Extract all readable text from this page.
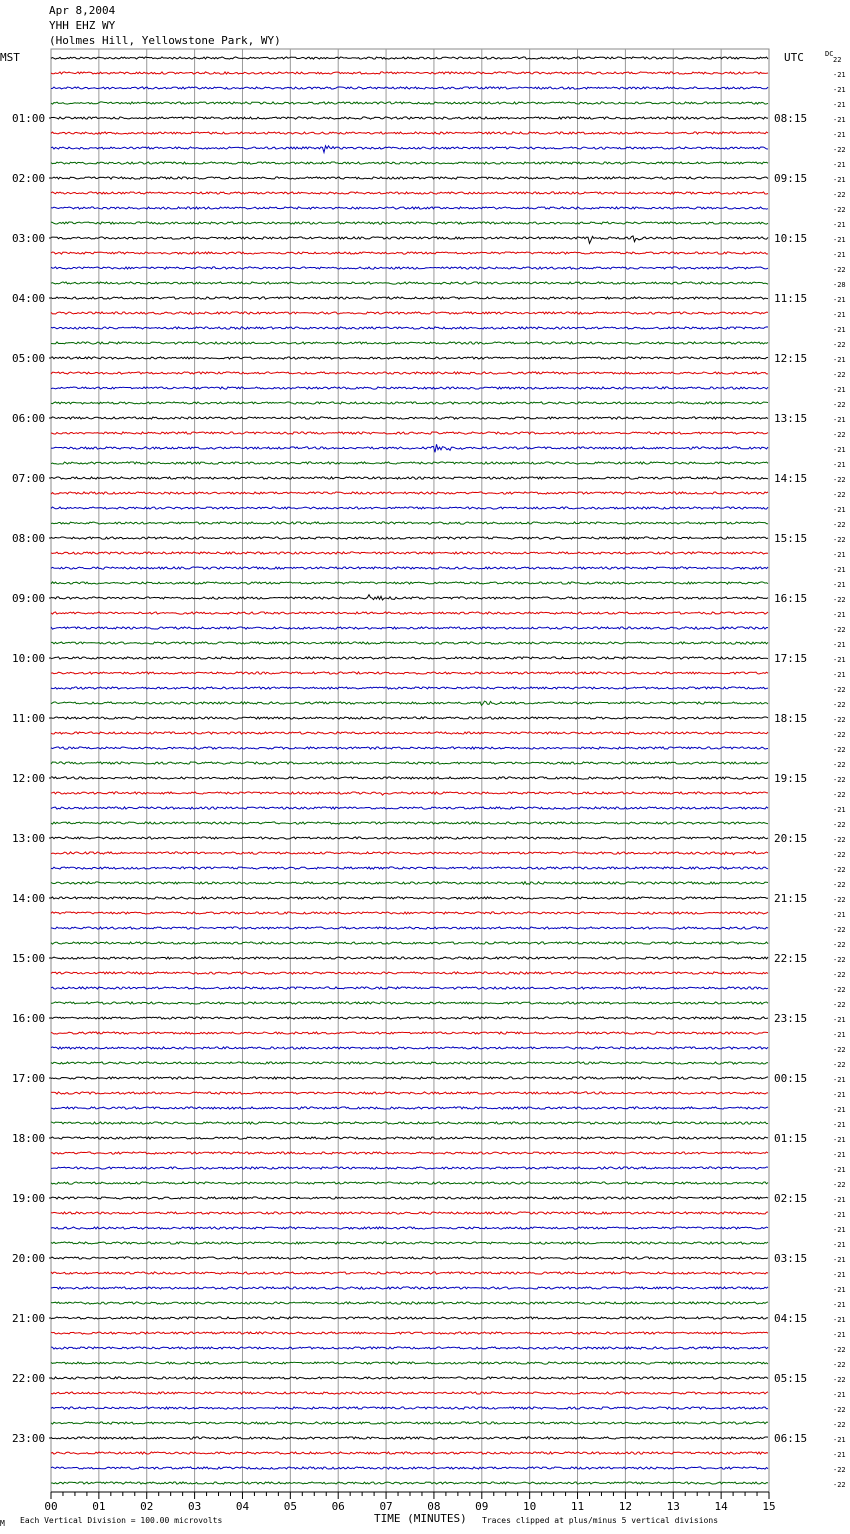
Apr 8,2004
YHH EHZ WY
(Holmes Hill, Yellowstone Park, WY)
22
-21
-21
-21
-21
-21
-22
-21
-21
-22
-22
-21
-21
-21
-22
-28
-21
-21
-21
-22
-21
-22
-21
-22
-21
-22
-21
-21
-22
-22
-21
-22
-22
-21
-21
-21
-22
-21
-22
-21
-21
-21
-22
-22
-22
-22
-22
-22
-22
-22
-21
-22
-22
-22
-22
-22
-22
-21
-22
-22
-22
-22
-22
-22
-21
-21
-22
-22
-21
-21
-21
-21
-21
-21
-21
-22
-21
-21
-21
-21
-21
-21
-21
-21
-21
-21
-22
-22
-22
-21
-22
-22
-21
-21
-22
-22
01:00
02:00
03:00
04:00
05:00
06:00
07:00
08:00
09:00
10:00
11:00
12:00
13:00
14:00
15:00
16:00
17:00
18:00
19:00
20:00
21:00
22:00
23:00
08:15
09:15
10:15
11:15
12:15
13:15
14:15
15:15
16:15
17:15
18:15
19:15
20:15
21:15
22:15
23:15
00:15
01:15
02:15
03:15
04:15
05:15
06:15
00	01	02	03	04	05	06	07	08	09	10	11	12	13	14	15
MST	UTC	DC
M Each Vertical Division = 100.00 microvolts	TIME (MINUTES) Traces clipped at plus/minus 5 vertical divisions
